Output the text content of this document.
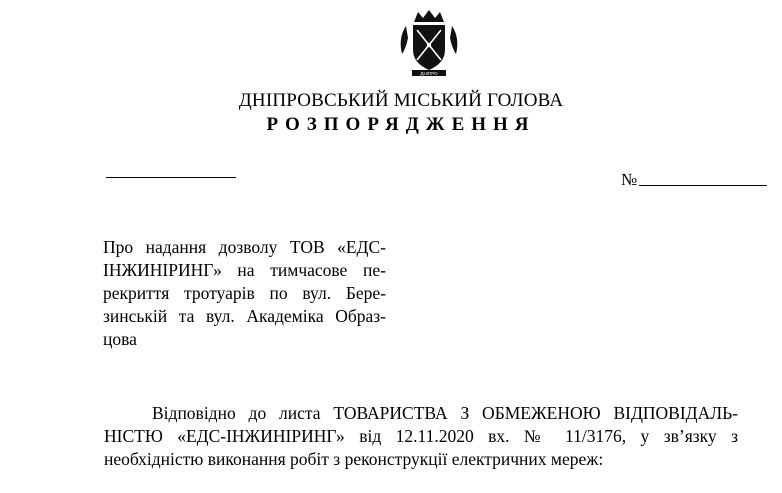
ДНІПРО
ДНІПРОВСЬКИЙ МІСЬКИЙ ГОЛОВА
РОЗПОРЯДЖЕННЯ
№
Про надання дозволу ТОВ «ЕДС-
ІНЖИНІРИНГ» на тимчасове пе-
рекриття тротуарів по вул. Бере-
зинській та вул. Академіка Образ-
цова
Відповідно до листа ТОВАРИСТВА З ОБМЕЖЕНОЮ ВІДПОВІДАЛЬ-
НІСТЮ «ЕДС-ІНЖИНІРИНГ» від 12.11.2020 вх. № 11/3176, у зв’язку з
необхідністю виконання робіт з реконструкції електричних мереж:
